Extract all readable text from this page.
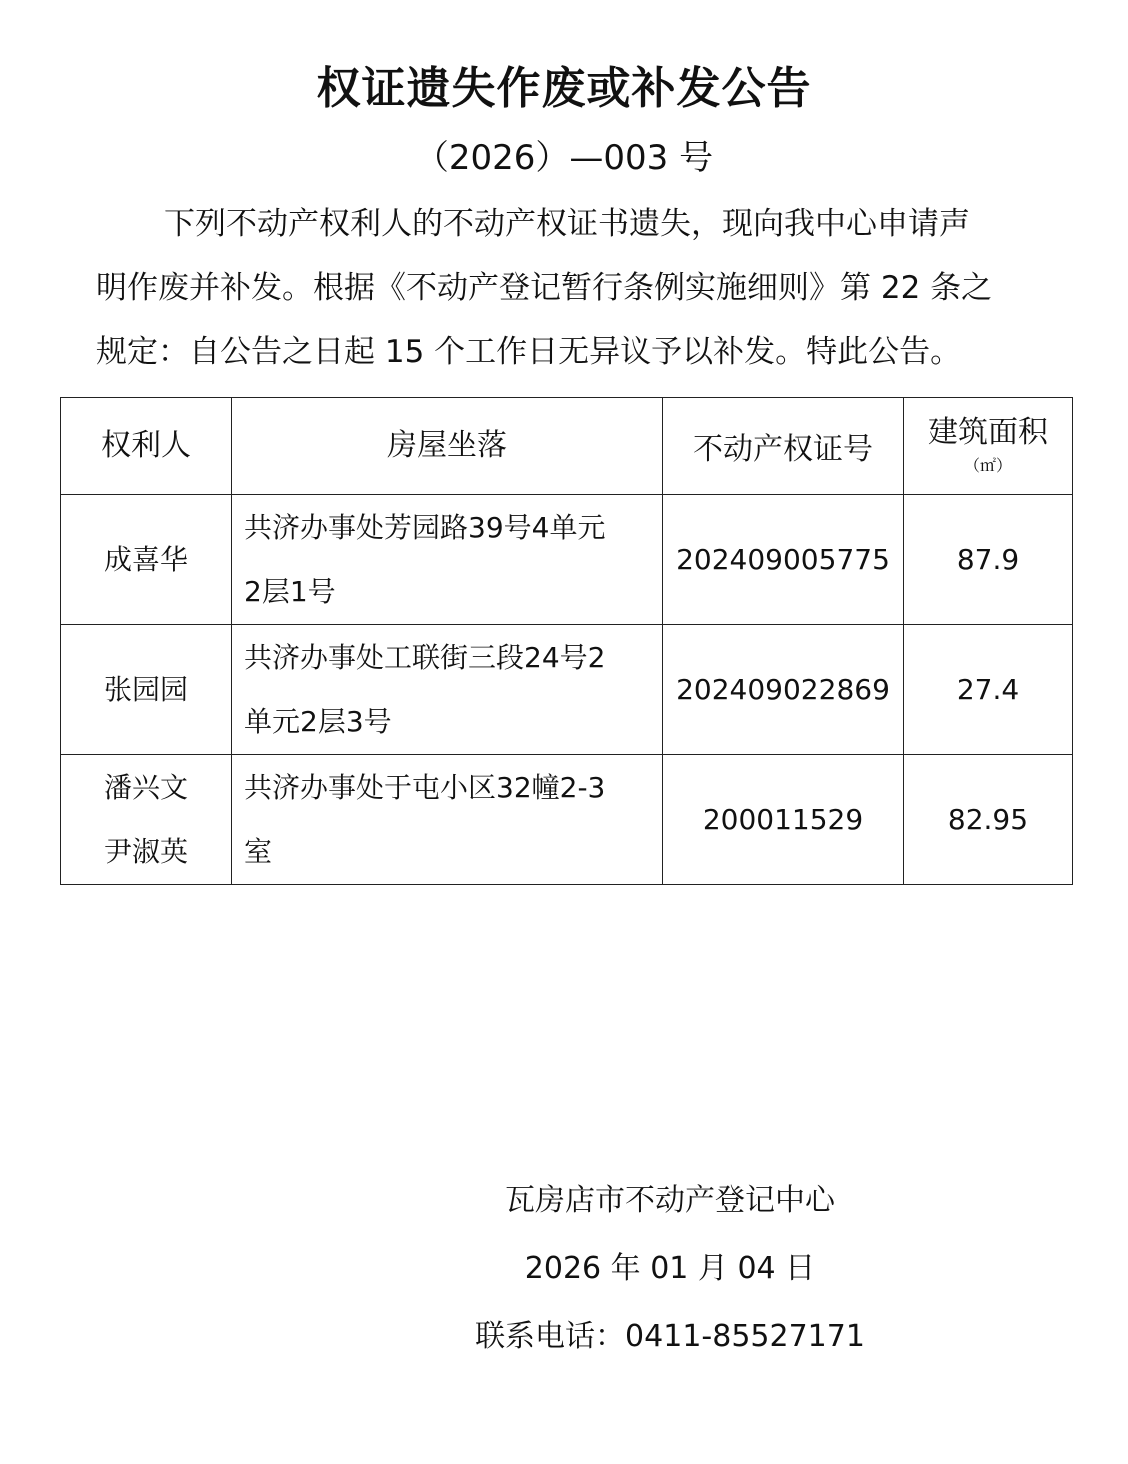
权证遗失作废或补发公告
（2026）—003 号
下列不动产权利人的不动产权证书遗失，现向我中心申请声
明作废并补发。根据《不动产登记暂行条例实施细则》第 22 条之
规定：自公告之日起 15 个工作日无异议予以补发。特此公告。
权利人	房屋坐落	不动产权证号	建筑面积
（㎡）

成喜华	共济办事处芳园路39号4单元
2层1号	202409005775	87.9

张园园	共济办事处工联街三段24号2
单元2层3号	202409022869	27.4

潘兴文
尹淑英	共济办事处于屯小区32幢2-3
室	200011529	82.95
瓦房店市不动产登记中心
2026 年 01 月 04 日
联系电话：0411-85527171
